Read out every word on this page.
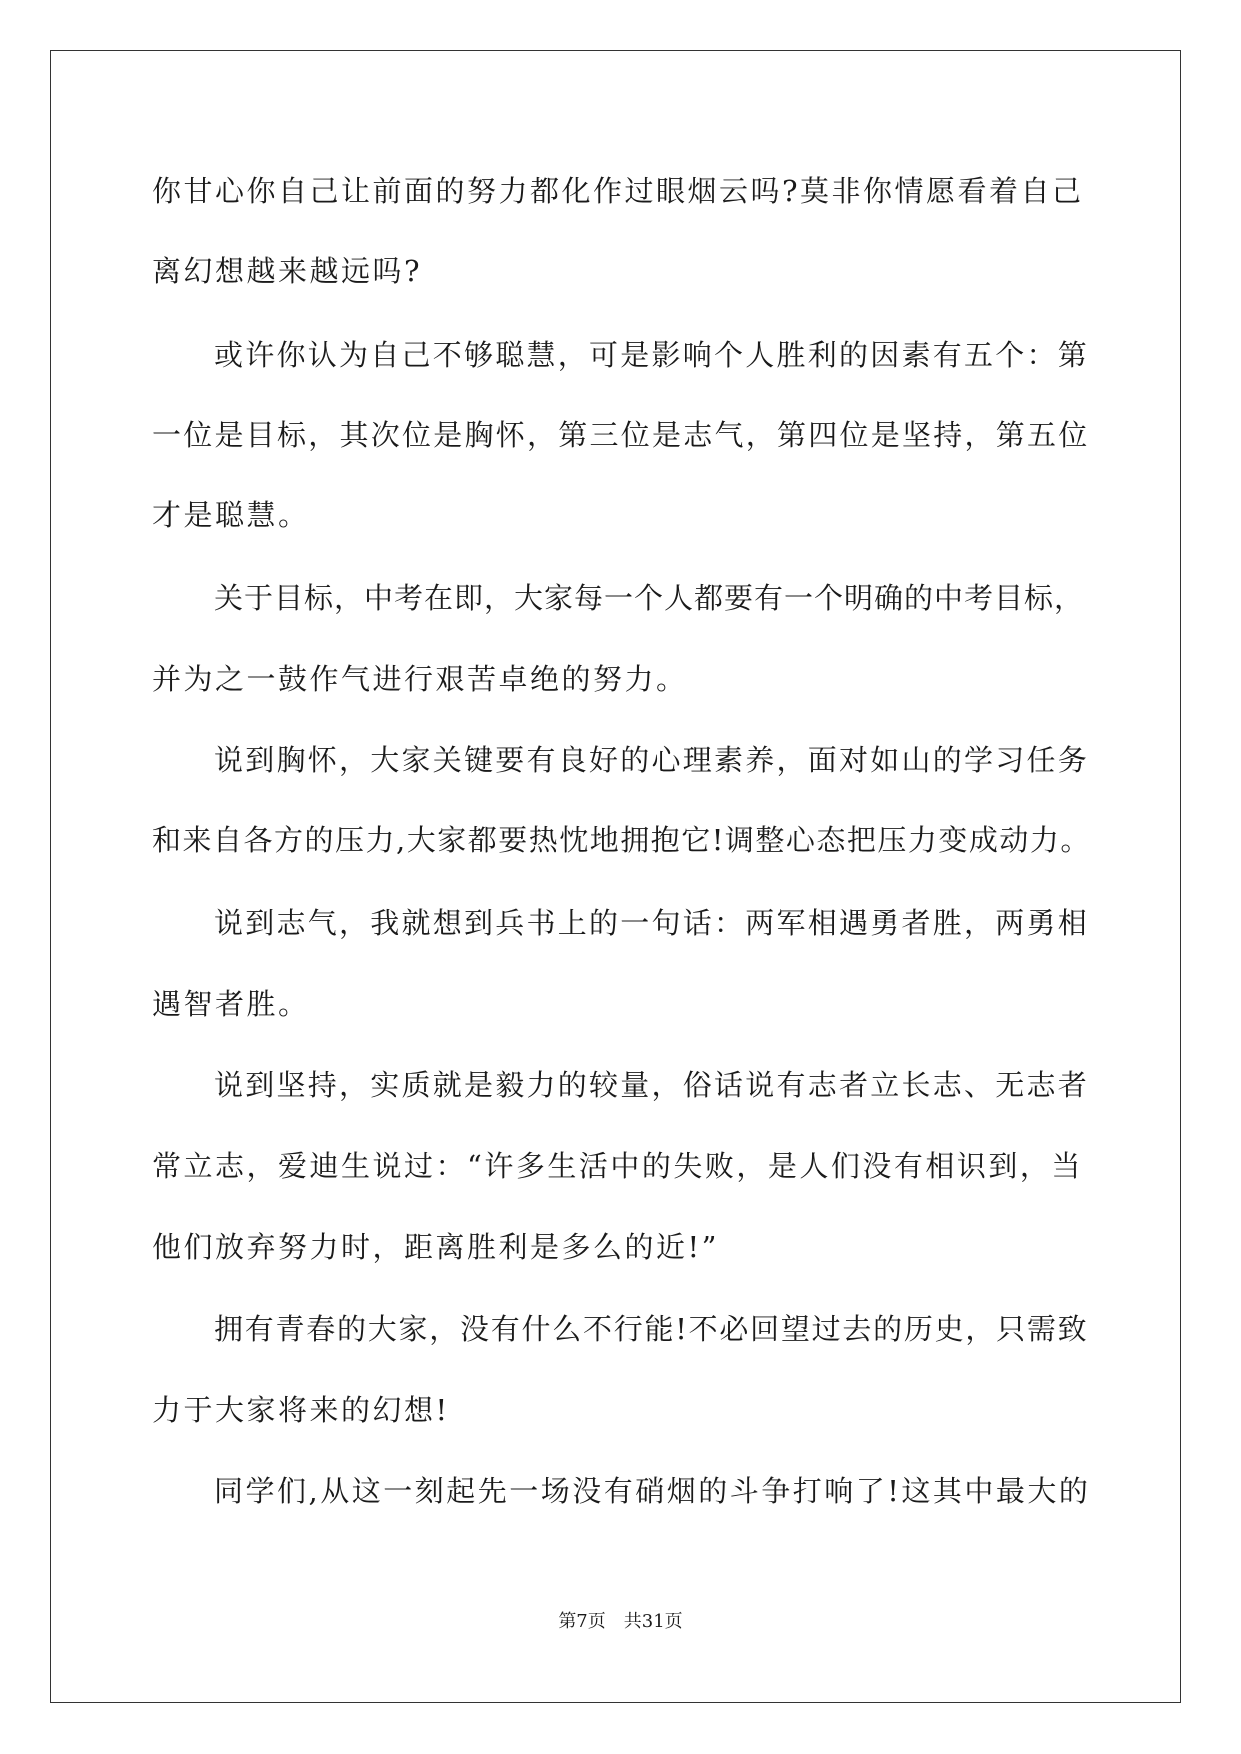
你甘心你自己让前面的努力都化作过眼烟云吗?莫非你情愿看着自己
离幻想越来越远吗?
或许你认为自己不够聪慧，可是影响个人胜利的因素有五个：第
一位是目标，其次位是胸怀，第三位是志气，第四位是坚持，第五位
才是聪慧。
关于目标，中考在即，大家每一个人都要有一个明确的中考目标，
并为之一鼓作气进行艰苦卓绝的努力。
说到胸怀，大家关键要有良好的心理素养，面对如山的学习任务
和来自各方的压力,大家都要热忱地拥抱它!调整心态把压力变成动力。
说到志气，我就想到兵书上的一句话：两军相遇勇者胜，两勇相
遇智者胜。
说到坚持，实质就是毅力的较量，俗话说有志者立长志、无志者
常立志，爱迪生说过：“许多生活中的失败，是人们没有相识到，当
他们放弃努力时，距离胜利是多么的近!”
拥有青春的大家，没有什么不行能!不必回望过去的历史，只需致
力于大家将来的幻想!
同学们,从这一刻起先一场没有硝烟的斗争打响了!这其中最大的
第7页　共31页
